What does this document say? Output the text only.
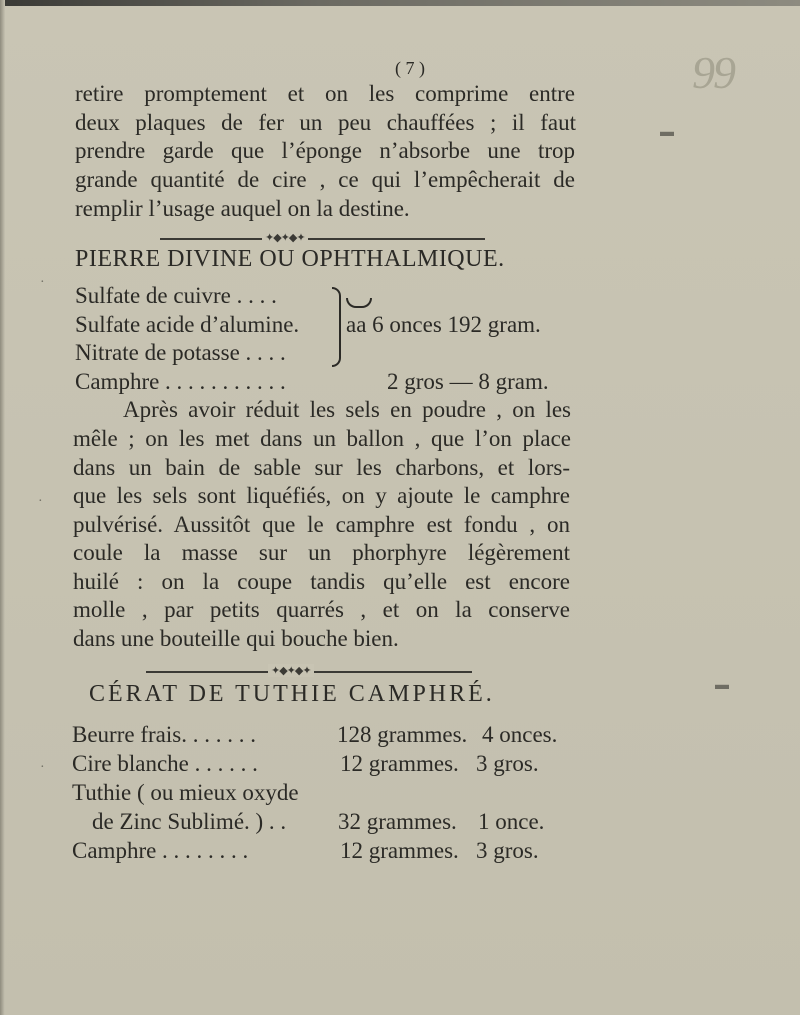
( 7 )	99
retire promptement et on les comprime entre
deux plaques de fer un peu chauffées ; il faut
prendre garde que l’éponge n’absorbe une trop
grande quantité de cire , ce qui l’empêcherait de
remplir l’usage auquel on la destine.
✦◆✦◆✦
PIERRE DIVINE OU OPHTHALMIQUE.
Sulfate de cuivre . . . .
Sulfate acide d’alumine.
Nitrate de potasse . . . .
aa 6 onces 192 gram.
Camphre . . . . . . . . . . .	2 gros — 8 gram.
Après avoir réduit les sels en poudre , on les
mêle ; on les met dans un ballon , que l’on place
dans un bain de sable sur les charbons, et lors-
que les sels sont liquéfiés, on y ajoute le camphre
pulvérisé. Aussitôt que le camphre est fondu , on
coule la masse sur un phorphyre légèrement
huilé : on la coupe tandis qu’elle est encore
molle , par petits quarrés , et on la conserve
dans une bouteille qui bouche bien.
✦◆✦◆✦
CÉRAT DE TUTHIE CAMPHRÉ.
Beurre frais. . . . . . .	128 grammes. 4 onces.
Cire blanche . . . . . .	12 grammes. 3 gros.
Tuthie ( ou mieux oxyde
de Zinc Sublimé. ) . . 32 grammes. 1 once.
Camphre . . . . . . . .	12 grammes. 3 gros.
▬
·
·
·
▬
